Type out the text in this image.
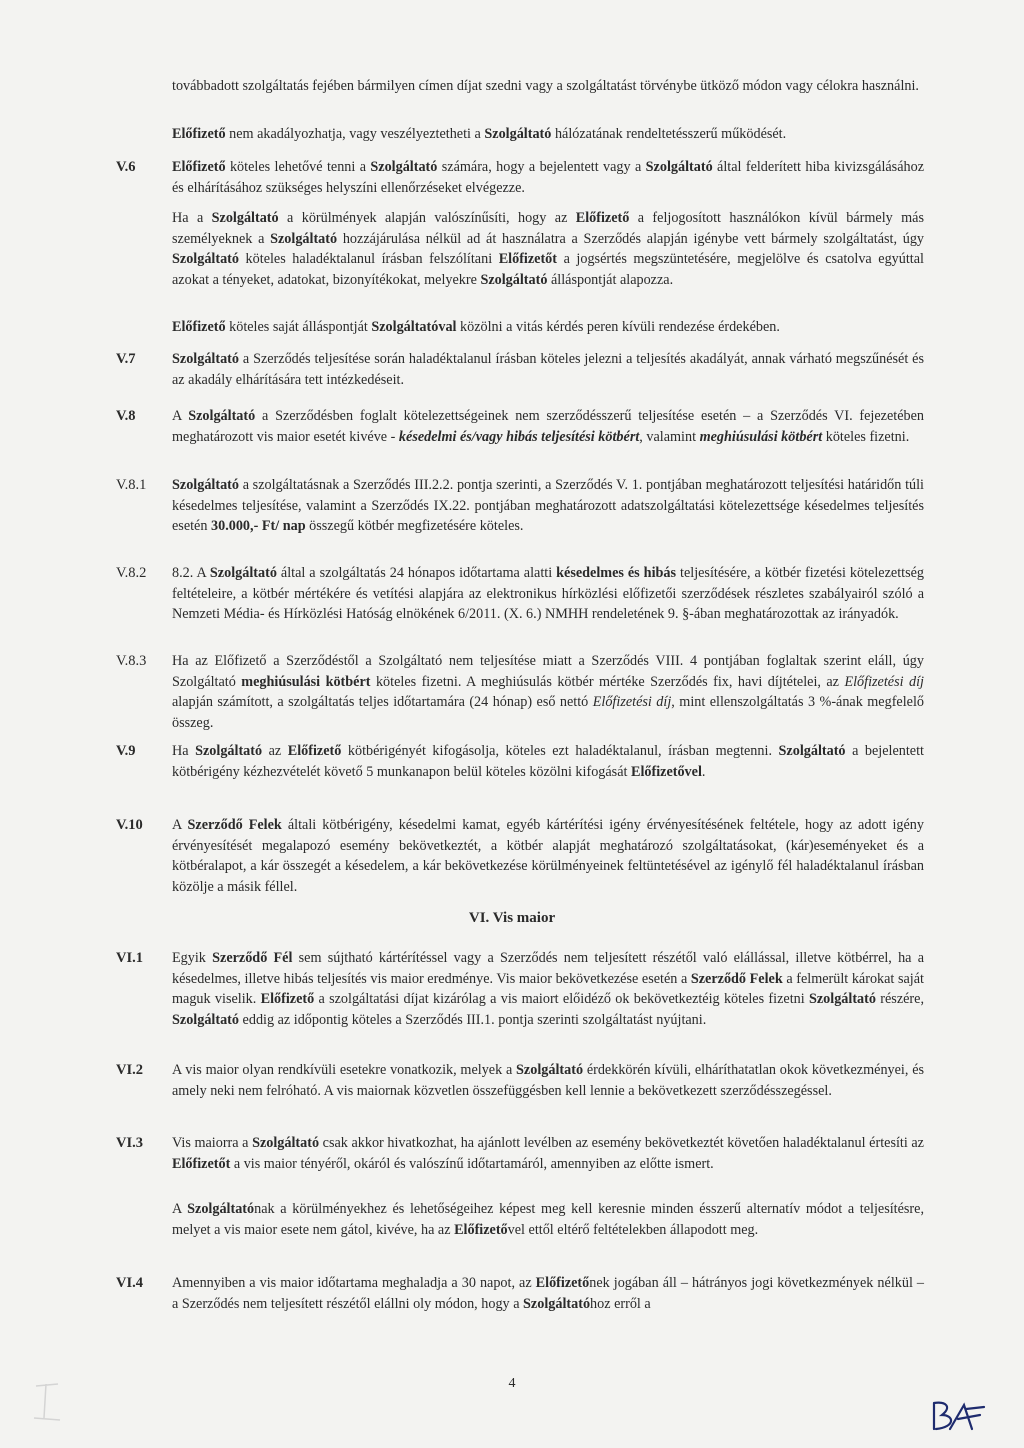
továbbadott szolgáltatás fejében bármilyen címen díjat szedni vagy a szolgáltatást törvénybe ütköző módon vagy célokra használni.

Előfizető nem akadályozhatja, vagy veszélyeztetheti a Szolgáltató hálózatának rendeltetésszerű működését.

V.6	Előfizető köteles lehetővé tenni a Szolgáltató számára, hogy a bejelentett vagy a Szolgáltató által felderített hiba kivizsgálásához és elhárításához szükséges helyszíni ellenőrzéseket elvégezze.

Ha a Szolgáltató a körülmények alapján valószínűsíti, hogy az Előfizető a feljogosított használókon kívül bármely más személyeknek a Szolgáltató hozzájárulása nélkül ad át használatra a Szerződés alapján igénybe vett bármely szolgáltatást, úgy Szolgáltató köteles haladéktalanul írásban felszólítani Előfizetőt a jogsértés megszüntetésére, megjelölve és csatolva egyúttal azokat a tényeket, adatokat, bizonyítékokat, melyekre Szolgáltató álláspontját alapozza.

Előfizető köteles saját álláspontját Szolgáltatóval közölni a vitás kérdés peren kívüli rendezése érdekében.

V.7	Szolgáltató a Szerződés teljesítése során haladéktalanul írásban köteles jelezni a teljesítés akadályát, annak várható megszűnését és az akadály elhárítására tett intézkedéseit.

V.8	A Szolgáltató a Szerződésben foglalt kötelezettségeinek nem szerződésszerű teljesítése esetén – a Szerződés VI. fejezetében meghatározott vis maior esetét kivéve - késedelmi és/vagy hibás teljesítési kötbért, valamint meghiúsulási kötbért köteles fizetni.

V.8.1 Szolgáltató a szolgáltatásnak a Szerződés III.2.2. pontja szerinti, a Szerződés V. 1. pontjában meghatározott teljesítési határidőn túli késedelmes teljesítése, valamint a Szerződés IX.22. pontjában meghatározott adatszolgáltatási kötelezettsége késedelmes teljesítés esetén 30.000,- Ft/ nap összegű kötbér megfizetésére köteles.

V.8.2 8.2. A Szolgáltató által a szolgáltatás 24 hónapos időtartama alatti késedelmes és hibás teljesítésére, a kötbér fizetési kötelezettség feltételeire, a kötbér mértékére és vetítési alapjára az elektronikus hírközlési előfizetői szerződések részletes szabályairól szóló a Nemzeti Média- és Hírközlési Hatóság elnökének 6/2011. (X. 6.) NMHH rendeletének 9. §-ában meghatározottak az irányadók.

V.8.3 Ha az Előfizető a Szerződéstől a Szolgáltató nem teljesítése miatt a Szerződés VIII. 4 pontjában foglaltak szerint eláll, úgy Szolgáltató meghiúsulási kötbért köteles fizetni. A meghiúsulás kötbér mértéke Szerződés fix, havi díjtételei, az Előfizetési díj alapján számított, a szolgáltatás teljes időtartamára (24 hónap) eső nettó Előfizetési díj, mint ellenszolgáltatás 3 %-ának megfelelő összeg.

V.9	Ha Szolgáltató az Előfizető kötbérigényét kifogásolja, köteles ezt haladéktalanul, írásban megtenni. Szolgáltató a bejelentett kötbérigény kézhezvételét követő 5 munkanapon belül köteles közölni kifogását Előfizetővel.

V.10 A Szerződő Felek általi kötbérigény, késedelmi kamat, egyéb kártérítési igény érvényesítésének feltétele, hogy az adott igény érvényesítését megalapozó esemény bekövetkeztét, a kötbér alapját meghatározó szolgáltatásokat, (kár)eseményeket és a kötbéralapot, a kár összegét a késedelem, a kár bekövetkezése körülményeinek feltüntetésével az igénylő fél haladéktalanul írásban közölje a másik féllel.

VI. Vis maior

VI.1 Egyik Szerződő Fél sem sújtható kártérítéssel vagy a Szerződés nem teljesített részétől való elállással, illetve kötbérrel, ha a késedelmes, illetve hibás teljesítés vis maior eredménye. Vis maior bekövetkezése esetén a Szerződő Felek a felmerült károkat saját maguk viselik. Előfizető a szolgáltatási díjat kizárólag a vis maiort előidéző ok bekövetkeztéig köteles fizetni Szolgáltató részére, Szolgáltató eddig az időpontig köteles a Szerződés III.1. pontja szerinti szolgáltatást nyújtani.

VI.2 A vis maior olyan rendkívüli esetekre vonatkozik, melyek a Szolgáltató érdekkörén kívüli, elháríthatatlan okok következményei, és amely neki nem felróható. A vis maiornak közvetlen összefüggésben kell lennie a bekövetkezett szerződésszegéssel.

VI.3 Vis maiorra a Szolgáltató csak akkor hivatkozhat, ha ajánlott levélben az esemény bekövetkeztét követően haladéktalanul értesíti az Előfizetőt a vis maior tényéről, okáról és valószínű időtartamáról, amennyiben az előtte ismert.

A Szolgáltatónak a körülményekhez és lehetőségeihez képest meg kell keresnie minden ésszerű alternatív módot a teljesítésre, melyet a vis maior esete nem gátol, kivéve, ha az Előfizetővel ettől eltérő feltételekben állapodott meg.

VI.4 Amennyiben a vis maior időtartama meghaladja a 30 napot, az Előfizetőnek jogában áll – hátrányos jogi következmények nélkül – a Szerződés nem teljesített részétől elállni oly módon, hogy a Szolgáltatóhoz erről a

4
